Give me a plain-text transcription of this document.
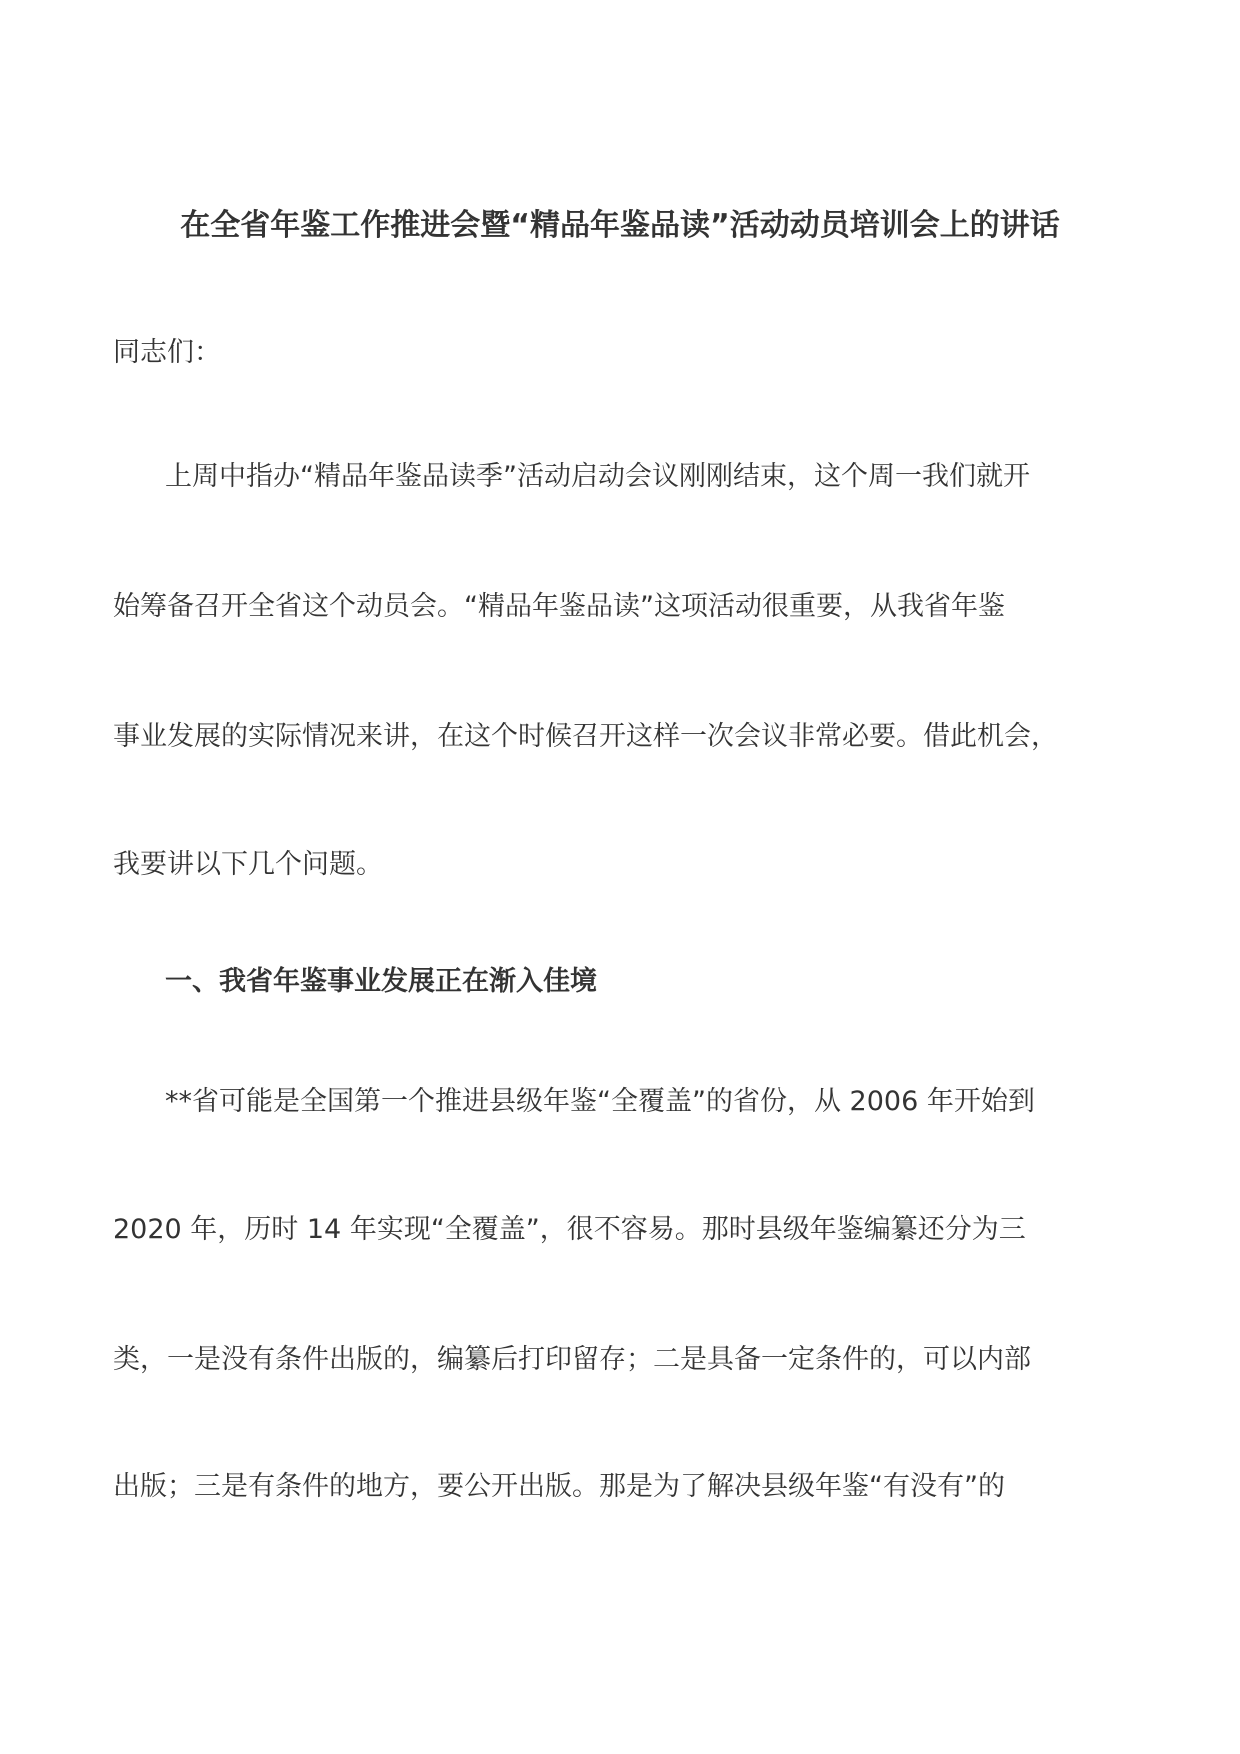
在全省年鉴工作推进会暨“精品年鉴品读”活动动员培训会上的讲话
同志们：
上周中指办“精品年鉴品读季”活动启动会议刚刚结束，这个周一我们就开
始筹备召开全省这个动员会。“精品年鉴品读”这项活动很重要，从我省年鉴
事业发展的实际情况来讲，在这个时候召开这样一次会议非常必要。借此机会，
我要讲以下几个问题。
一、我省年鉴事业发展正在渐入佳境
**省可能是全国第一个推进县级年鉴“全覆盖”的省份，从 2006 年开始到
2020 年，历时 14 年实现“全覆盖”，很不容易。那时县级年鉴编纂还分为三
类，一是没有条件出版的，编纂后打印留存；二是具备一定条件的，可以内部
出版；三是有条件的地方，要公开出版。那是为了解决县级年鉴“有没有”的
